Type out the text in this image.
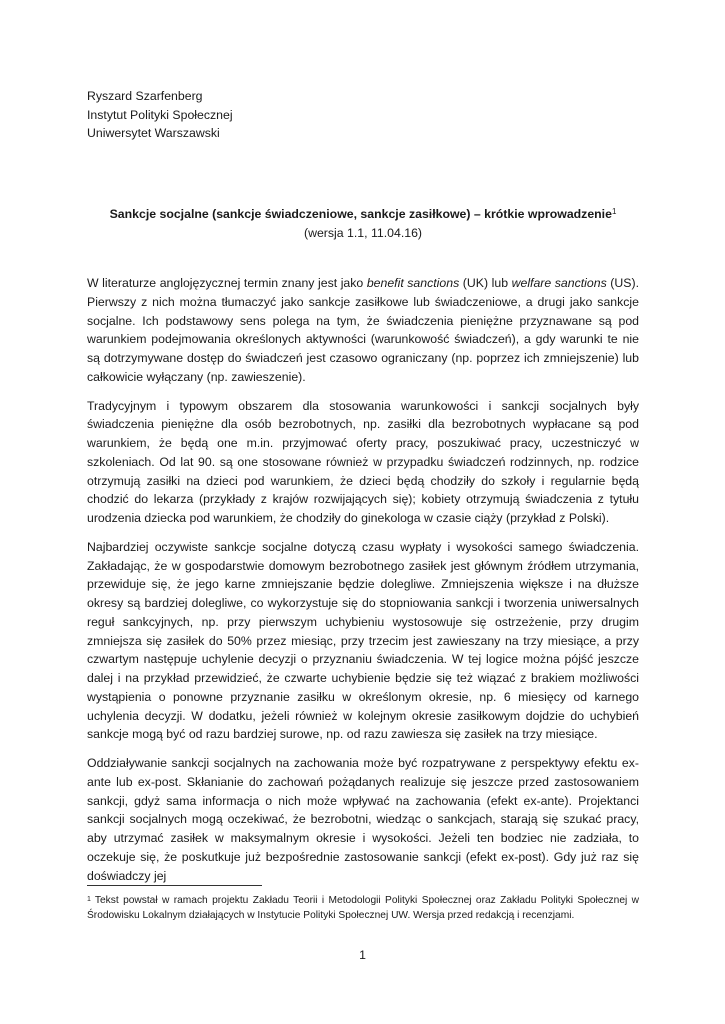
Ryszard Szarfenberg
Instytut Polityki Społecznej
Uniwersytet Warszawski
Sankcje socjalne (sankcje świadczeniowe, sankcje zasiłkowe) – krótkie wprowadzenie$^1$
(wersja 1.1, 11.04.16)

W literaturze anglojęzycznej termin znany jest jako benefit sanctions (UK) lub welfare sanctions (US). Pierwszy z nich można tłumaczyć jako sankcje zasiłkowe lub świadczeniowe, a drugi jako sankcje socjalne. Ich podstawowy sens polega na tym, że świadczenia pieniężne przyznawane są pod warunkiem podejmowania określonych aktywności (warunkowość świadczeń), a gdy warunki te nie są dotrzymywane dostęp do świadczeń jest czasowo ograniczany (np. poprzez ich zmniejszenie) lub całkowicie wyłączany (np. zawieszenie).

Tradycyjnym i typowym obszarem dla stosowania warunkowości i sankcji socjalnych były świadczenia pieniężne dla osób bezrobotnych, np. zasiłki dla bezrobotnych wypłacane są pod warunkiem, że będą one m.in. przyjmować oferty pracy, poszukiwać pracy, uczestniczyć w szkoleniach. Od lat 90. są one stosowane również w przypadku świadczeń rodzinnych, np. rodzice otrzymują zasiłki na dzieci pod warunkiem, że dzieci będą chodziły do szkoły i regularnie będą chodzić do lekarza (przykłady z krajów rozwijających się); kobiety otrzymują świadczenia z tytułu urodzenia dziecka pod warunkiem, że chodziły do ginekologa w czasie ciąży (przykład z Polski).

Najbardziej oczywiste sankcje socjalne dotyczą czasu wypłaty i wysokości samego świadczenia. Zakładając, że w gospodarstwie domowym bezrobotnego zasiłek jest głównym źródłem utrzymania, przewiduje się, że jego karne zmniejszanie będzie dolegliwe. Zmniejszenia większe i na dłuższe okresy są bardziej dolegliwe, co wykorzystuje się do stopniowania sankcji i tworzenia uniwersalnych reguł sankcyjnych, np. przy pierwszym uchybieniu wystosowuje się ostrzeżenie, przy drugim zmniejsza się zasiłek do 50% przez miesiąc, przy trzecim jest zawieszany na trzy miesiące, a przy czwartym następuje uchylenie decyzji o przyznaniu świadczenia. W tej logice można pójść jeszcze dalej i na przykład przewidzieć, że czwarte uchybienie będzie się też wiązać z brakiem możliwości wystąpienia o ponowne przyznanie zasiłku w określonym okresie, np. 6 miesięcy od karnego uchylenia decyzji. W dodatku, jeżeli również w kolejnym okresie zasiłkowym dojdzie do uchybień sankcje mogą być od razu bardziej surowe, np. od razu zawiesza się zasiłek na trzy miesiące.

Oddziaływanie sankcji socjalnych na zachowania może być rozpatrywane z perspektywy efektu ex-ante lub ex-post. Skłanianie do zachowań pożądanych realizuje się jeszcze przed zastosowaniem sankcji, gdyż sama informacja o nich może wpływać na zachowania (efekt ex-ante). Projektanci sankcji socjalnych mogą oczekiwać, że bezrobotni, wiedząc o sankcjach, starają się szukać pracy, aby utrzymać zasiłek w maksymalnym okresie i wysokości. Jeżeli ten bodziec nie zadziała, to oczekuje się, że poskutkuje już bezpośrednie zastosowanie sankcji (efekt ex-post). Gdy już raz się doświadczy jej

$^1$ Tekst powstał w ramach projektu Zakładu Teorii i Metodologii Polityki Społecznej oraz Zakładu Polityki Społecznej w Środowisku Lokalnym działających w Instytucie Polityki Społecznej UW. Wersja przed redakcją i recenzjami.
1
